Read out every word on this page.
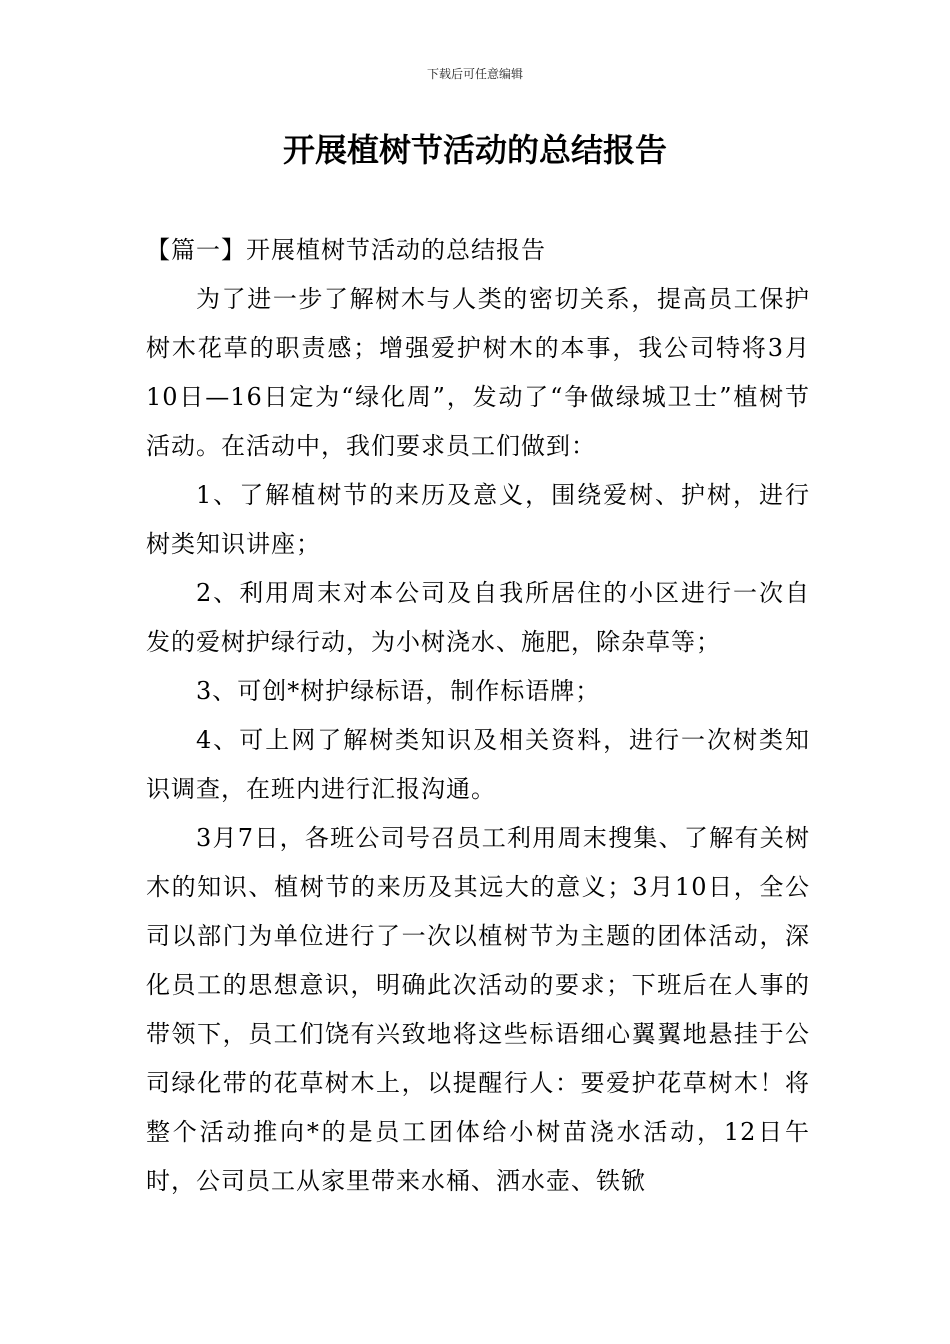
下载后可任意编辑
开展植树节活动的总结报告

【篇一】开展植树节活动的总结报告

为了进一步了解树木与人类的密切关系，提高员工保护树木花草的职责感；增强爱护树木的本事，我公司特将3月10日—16日定为“绿化周”，发动了“争做绿城卫士”植树节活动。在活动中，我们要求员工们做到：

1、了解植树节的来历及意义，围绕爱树、护树，进行树类知识讲座；

2、利用周末对本公司及自我所居住的小区进行一次自发的爱树护绿行动，为小树浇水、施肥，除杂草等；

3、可创*树护绿标语，制作标语牌；

4、可上网了解树类知识及相关资料，进行一次树类知识调查，在班内进行汇报沟通。

3月7日，各班公司号召员工利用周末搜集、了解有关树木的知识、植树节的来历及其远大的意义；3月10日，全公司以部门为单位进行了一次以植树节为主题的团体活动，深化员工的思想意识，明确此次活动的要求；下班后在人事的带领下，员工们饶有兴致地将这些标语细心翼翼地悬挂于公司绿化带的花草树木上，以提醒行人：要爱护花草树木！将整个活动推向*的是员工团体给小树苗浇水活动，12日午时，公司员工从家里带来水桶、洒水壶、铁锨
